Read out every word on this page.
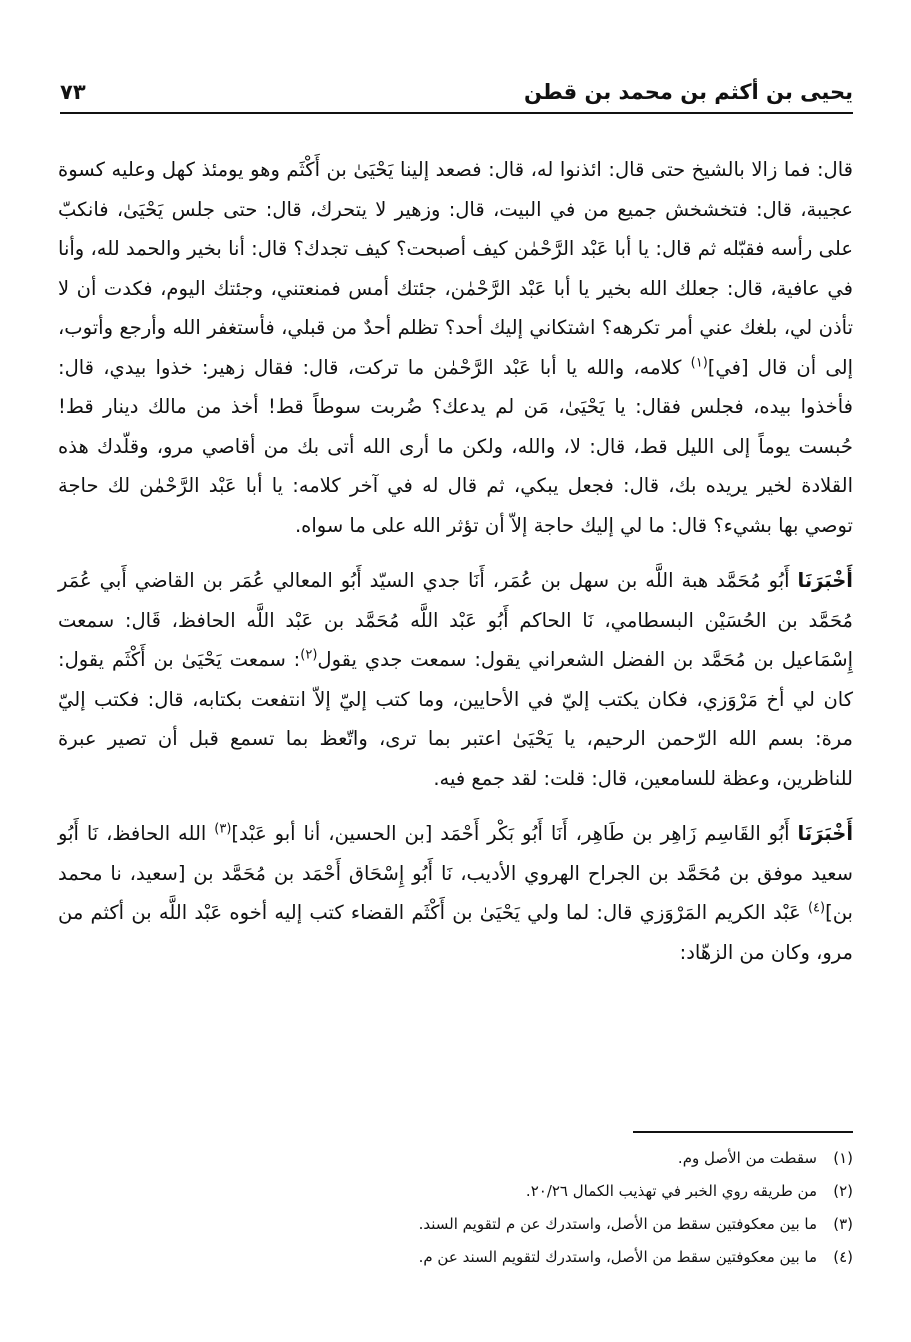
يحيى بن أكثم بن محمد بن قطن
٧٣

قال: فما زالا بالشيخ حتى قال: ائذنوا له، قال: فصعد إلينا يَحْيَىٰ بن أَكْثَم وهو يومئذ كهل وعليه كسوة عجيبة، قال: فتخشخش جميع من في البيت، قال: وزهير لا يتحرك، قال: حتى جلس يَحْيَىٰ، فانكبّ على رأسه فقبّله ثم قال: يا أبا عَبْد الرَّحْمٰن كيف أصبحت؟ كيف تجدك؟ قال: أنا بخير والحمد لله، وأنا في عافية، قال: جعلك الله بخير يا أبا عَبْد الرَّحْمٰن، جئتك أمس فمنعتني، وجئتك اليوم، فكدت أن لا تأذن لي، بلغك عني أمر تكرهه؟ اشتكاني إليك أحد؟ تظلم أحدٌ من قبلي، فأستغفر الله وأرجع وأتوب، إلى أن قال [في]$^{(١)}$ كلامه، والله يا أبا عَبْد الرَّحْمٰن ما تركت، قال: فقال زهير: خذوا بيدي، قال: فأخذوا بيده، فجلس فقال: يا يَحْيَىٰ، مَن لم يدعك؟ ضُربت سوطاً قط! أخذ من مالك دينار قط! حُبست يوماً إلى الليل قط، قال: لا، والله، ولكن ما أرى الله أتى بك من أقاصي مرو، وقلّدك هذه القلادة لخير يريده بك، قال: فجعل يبكي، ثم قال له في آخر كلامه: يا أبا عَبْد الرَّحْمٰن لك حاجة توصي بها بشيء؟ قال: ما لي إليك حاجة إلاّ أن تؤثر الله على ما سواه.

أَخْبَرَنَا أَبُو مُحَمَّد هبة اللَّه بن سهل بن عُمَر، أَنَا جدي السيّد أَبُو المعالي عُمَر بن القاضي أَبي عُمَر مُحَمَّد بن الحُسَيْن البسطامي، نَا الحاكم أَبُو عَبْد اللَّه مُحَمَّد بن عَبْد اللَّه الحافظ، قَال: سمعت إِسْمَاعيل بن مُحَمَّد بن الفضل الشعراني يقول: سمعت جدي يقول$^{(٢)}$: سمعت يَحْيَىٰ بن أَكْثَم يقول: كان لي أخ مَرْوَزي، فكان يكتب إليّ في الأحايين، وما كتب إليّ إلاّ انتفعت بكتابه، قال: فكتب إليّ مرة: بسم الله الرّحمن الرحيم، يا يَحْيَىٰ اعتبر بما ترى، واتّعظ بما تسمع قبل أن تصير عبرة للناظرين، وعظة للسامعين، قال: قلت: لقد جمع فيه.

أَخْبَرَنَا أَبُو القَاسِم زَاهِر بن طَاهِر، أَنَا أَبُو بَكْر أَحْمَد [بن الحسين، أنا أبو عَبْد]$^{(٣)}$ الله الحافظ، نَا أَبُو سعيد موفق بن مُحَمَّد بن الجراح الهروي الأديب، نَا أَبُو إِسْحَاق أَحْمَد بن مُحَمَّد بن [سعيد، نا محمد بن]$^{(٤)}$ عَبْد الكريم المَرْوَزي قال: لما ولي يَحْيَىٰ بن أَكْثَم القضاء كتب إليه أخوه عَبْد اللَّه بن أكثم من مرو، وكان من الزهّاد:

(١)سقطت من الأصل وم.

(٢)من طريقه روي الخبر في تهذيب الكمال ٢٠/٢٦.

(٣)ما بين معكوفتين سقط من الأصل، واستدرك عن م لتقويم السند.

(٤)ما بين معكوفتين سقط من الأصل، واستدرك لتقويم السند عن م.
